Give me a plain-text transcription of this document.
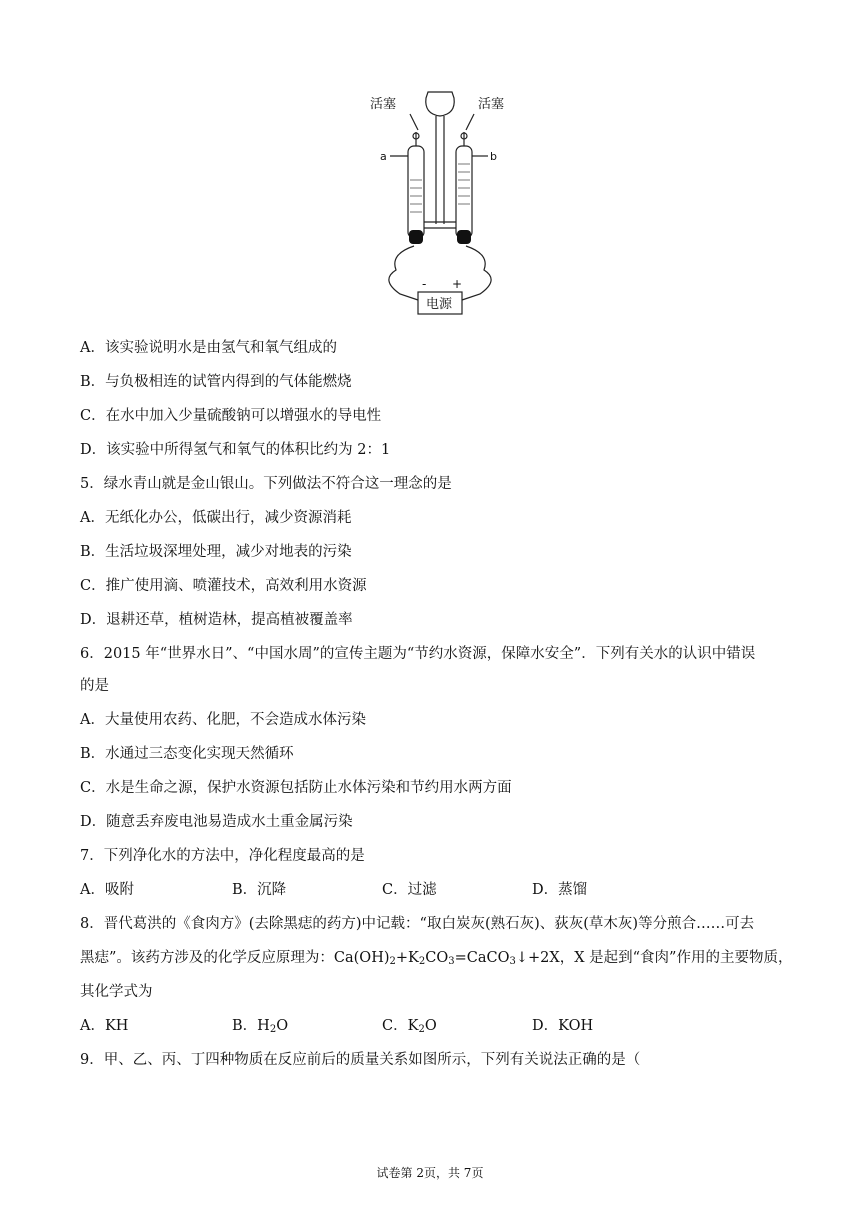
活塞	活塞
a	b
- +
电源
A．该实验说明水是由氢气和氧气组成的
B．与负极相连的试管内得到的气体能燃烧
C．在水中加入少量硫酸钠可以增强水的导电性
D．该实验中所得氢气和氧气的体积比约为 2：1
5．绿水青山就是金山银山。下列做法不符合这一理念的是
A．无纸化办公，低碳出行，减少资源消耗
B．生活垃圾深埋处理，减少对地表的污染
C．推广使用滴、喷灌技术，高效利用水资源
D．退耕还草，植树造林，提高植被覆盖率
6．2015 年“世界水日”、“中国水周”的宣传主题为“节约水资源，保障水安全”．下列有关水的认识中错误
的是
A．大量使用农药、化肥，不会造成水体污染
B．水通过三态变化实现天然循环
C．水是生命之源，保护水资源包括防止水体污染和节约用水两方面
D．随意丢弃废电池易造成水土重金属污染
7．下列净化水的方法中，净化程度最高的是
A．吸附	B．沉降	C．过滤	D．蒸馏
8．晋代葛洪的《食肉方》(去除黑痣的药方)中记载：“取白炭灰(熟石灰)、荻灰(草木灰)等分煎合……可去
黑痣”。该药方涉及的化学反应原理为：$Ca(OH)_2+K_2CO_3=CaCO_3↓+2X$，X 是起到“食肉”作用的主要物质，
其化学式为
A．KH	B．$H_2O$	C．$K_2O$	D．KOH
9．甲、乙、丙、丁四种物质在反应前后的质量关系如图所示，下列有关说法正确的是（
试卷第 2页，共 7页
